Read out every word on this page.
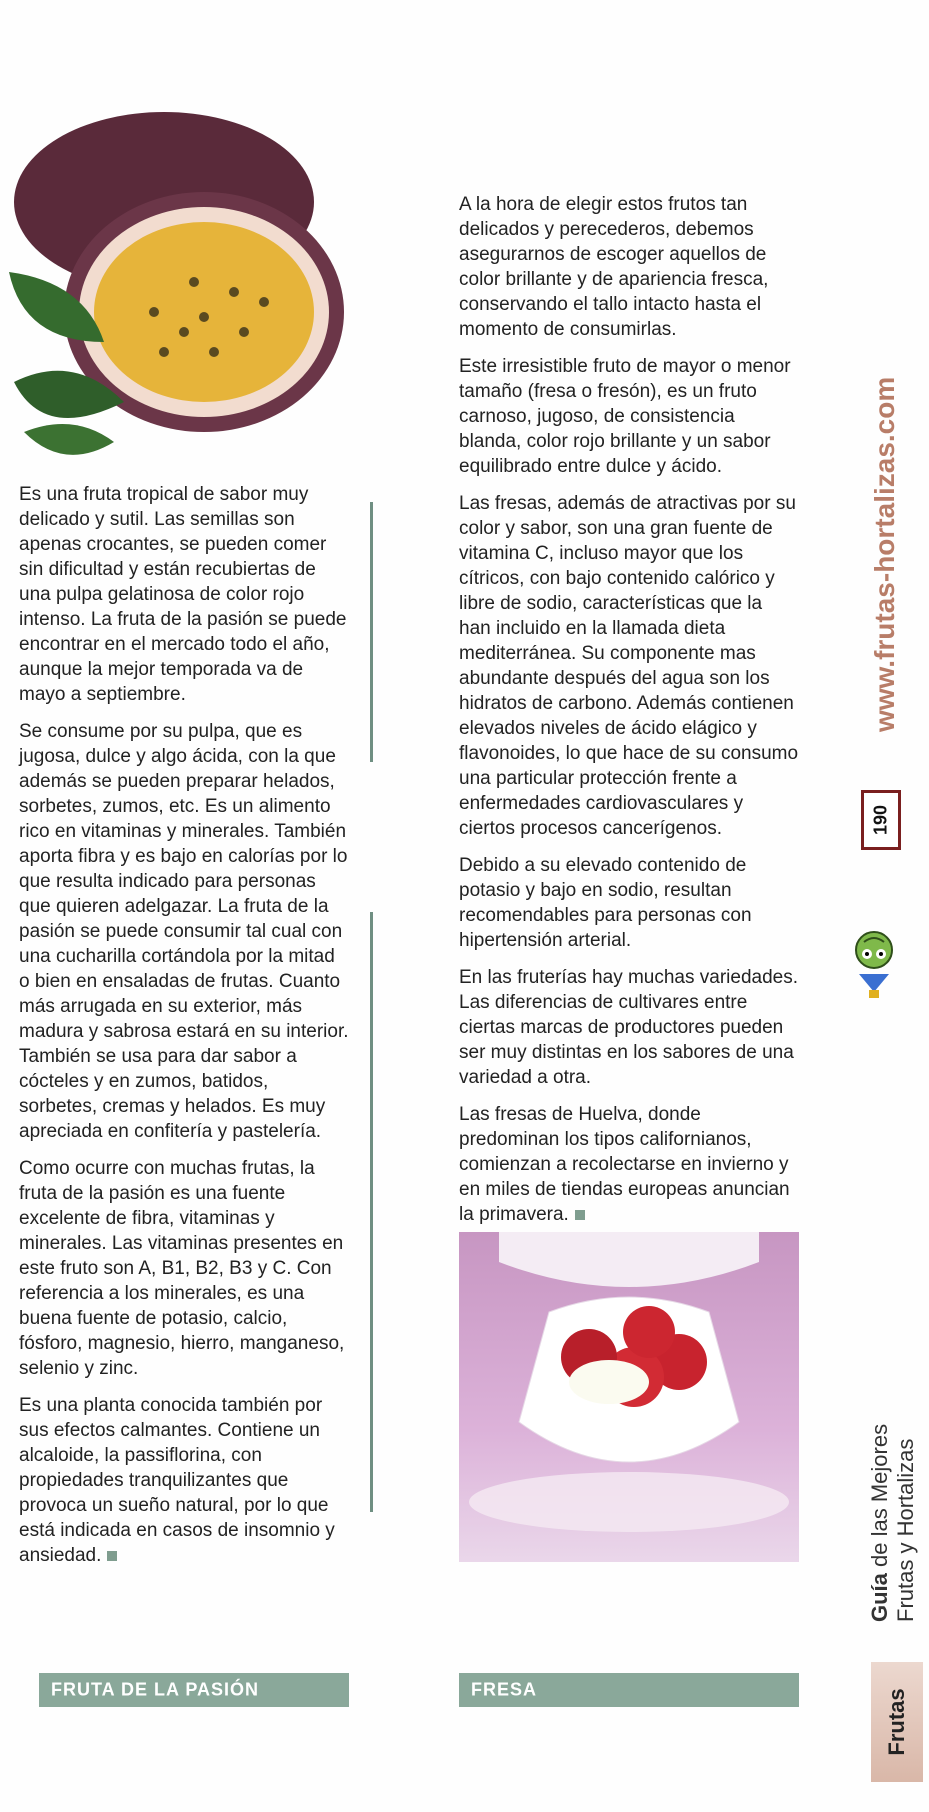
Frutas
Guía de las Mejores Frutas y Hortalizas
190
www.frutas-hortalizas.com
FRESA

A la hora de elegir estos frutos tan delicados y perecederos, debemos asegurarnos de escoger aquellos de color brillante y de apariencia fresca, conservando el tallo intacto hasta el momento de consumirlas.

Este irresistible fruto de mayor o menor tamaño (fresa o fresón), es un fruto carnoso, jugoso, de consistencia blanda, color rojo brillante y un sabor equilibrado entre dulce y ácido.

Las fresas, además de atractivas por su color y sabor, son una gran fuente de vitamina C, incluso mayor que los cítricos, con bajo contenido calórico y libre de sodio, características que la han incluido en la llamada dieta mediterránea. Su componente mas abundante después del agua son los hidratos de carbono. Además contienen elevados niveles de ácido elágico y flavonoides, lo que hace de su consumo una particular protección frente a enfermedades cardiovasculares y ciertos procesos cancerígenos.

Debido a su elevado contenido de potasio y bajo en sodio, resultan recomendables para personas con hipertensión arterial.

En las fruterías hay muchas variedades. Las diferencias de cultivares entre ciertas marcas de productores pueden ser muy distintas en los sabores de una variedad a otra.

Las fresas de Huelva, donde predominan los tipos californianos, comienzan a recolectarse en invierno y en miles de tiendas europeas anuncian la primavera.

FRUTA DE LA PASIÓN

Es una fruta tropical de sabor muy delicado y sutil. Las semillas son apenas crocantes, se pueden comer sin dificultad y están recubiertas de una pulpa gelatinosa de color rojo intenso. La fruta de la pasión se puede encontrar en el mercado todo el año, aunque la mejor temporada va de mayo a septiembre.

Se consume por su pulpa, que es jugosa, dulce y algo ácida, con la que además se pueden preparar helados, sorbetes, zumos, etc. Es un alimento rico en vitaminas y minerales. También aporta fibra y es bajo en calorías por lo que resulta indicado para personas que quieren adelgazar. La fruta de la pasión se puede consumir tal cual con una cucharilla cortándola por la mitad o bien en ensaladas de frutas. Cuanto más arrugada en su exterior, más madura y sabrosa estará en su interior. También se usa para dar sabor a cócteles y en zumos, batidos, sorbetes, cremas y helados. Es muy apreciada en confitería y pastelería.

Como ocurre con muchas frutas, la fruta de la pasión es una fuente excelente de fibra, vitaminas y minerales. Las vitaminas presentes en este fruto son A, B1, B2, B3 y C. Con referencia a los minerales, es una buena fuente de potasio, calcio, fósforo, magnesio, hierro, manganeso, selenio y zinc.

Es una planta conocida también por sus efectos calmantes. Contiene un alcaloide, la passiflorina, con propiedades tranquilizantes que provoca un sueño natural, por lo que está indicada en casos de insomnio y ansiedad.
